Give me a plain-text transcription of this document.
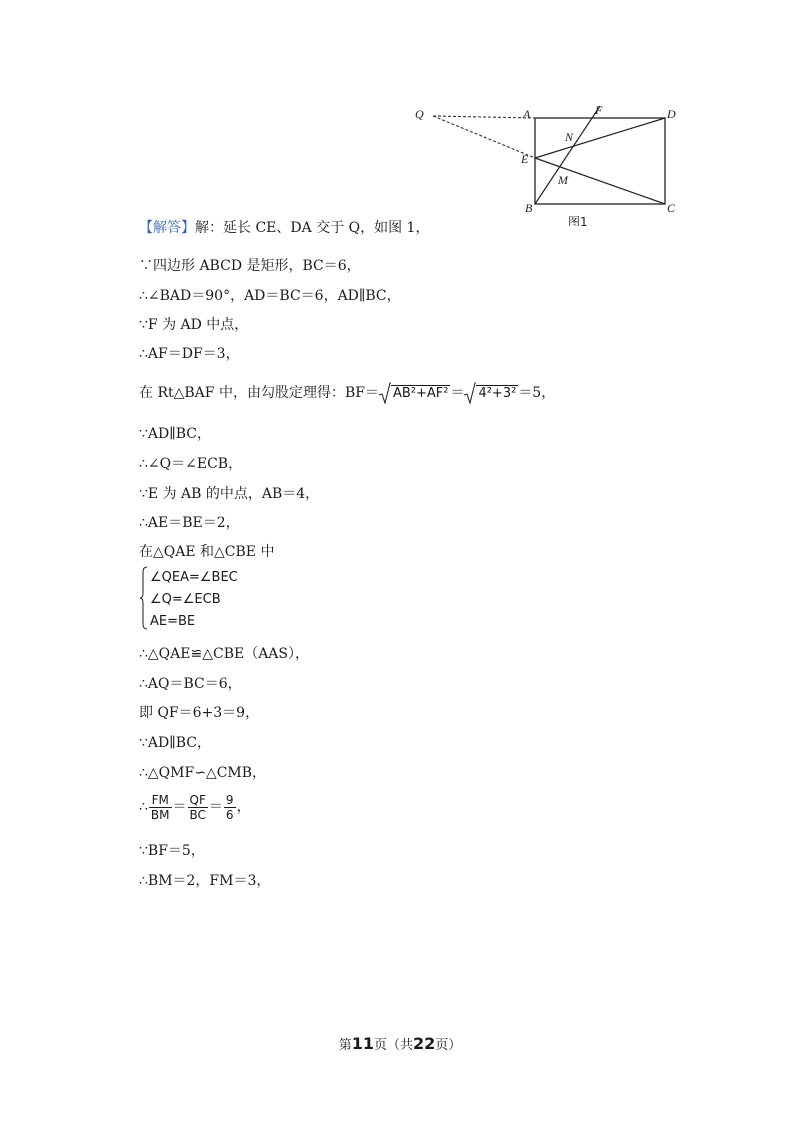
Q	A	F	D
N
E
M
B	C
图1
【解答】解：延长 CE、DA 交于 Q，如图 1，
∵四边形 ABCD 是矩形，BC＝6，
∴∠BAD＝90°，AD＝BC＝6，AD∥BC，
∵F 为 AD 中点，
∴AF＝DF＝3，
在 Rt△BAF 中，由勾股定理得：BF＝ AB²+AF² ＝ 4²+3² ＝5，
∵AD∥BC，
∴∠Q＝∠ECB，
∵E 为 AB 的中点，AB＝4，
∴AE＝BE＝2，
在△QAE 和△CBE 中
∠QEA=∠BEC
∠Q=∠ECB
AE=BE
∴△QAE≌△CBE（AAS），
∴AQ＝BC＝6，
即 QF＝6+3＝9，
∵AD∥BC，
∴△QMF∽△CMB，
∴ $\frac{FM}{BM} = \frac{QF}{BC} = \frac{9}{6}$ ，
∵BF＝5，
∴BM＝2，FM＝3，
第11页（共22页）
